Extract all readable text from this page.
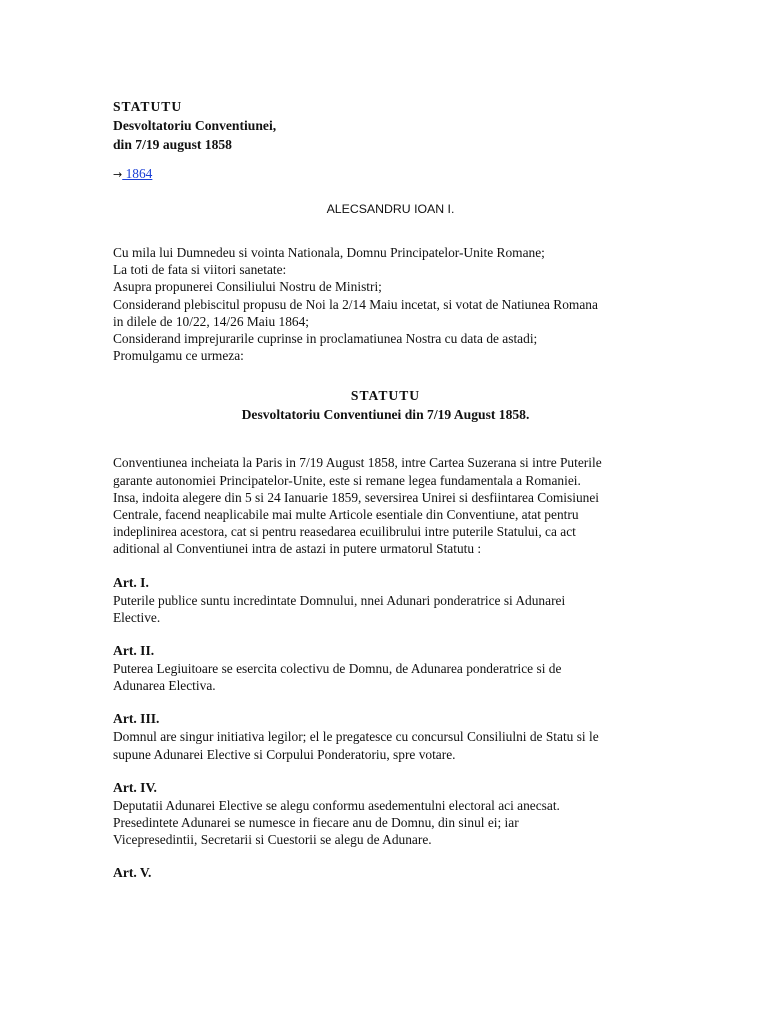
STATUTU
Desvoltatoriu Conventiunei,
din 7/19 august 1858
→ 1864
ALECSANDRU IOAN I.
Cu mila lui Dumnedeu si vointa Nationala, Domnu Principatelor-Unite Romane;
La toti de fata si viitori sanetate:
Asupra propunerei Consiliului Nostru de Ministri;
Considerand plebiscitul propusu de Noi la 2/14 Maiu incetat, si votat de Natiunea Romana
in dilele de 10/22, 14/26 Maiu 1864;
Considerand imprejurarile cuprinse in proclamatiunea Nostra cu data de astadi;
Promulgamu ce urmeza:
STATUTU
Desvoltatoriu Conventiunei din 7/19 August 1858.
Conventiunea incheiata la Paris in 7/19 August 1858, intre Cartea Suzerana si intre Puterile
garante autonomiei Principatelor-Unite, este si remane legea fundamentala a Romaniei.
Insa, indoita alegere din 5 si 24 Ianuarie 1859, seversirea Unirei si desfiintarea Comisiunei
Centrale, facend neaplicabile mai multe Articole esentiale din Conventiune, atat pentru
indeplinirea acestora, cat si pentru reasedarea ecuilibrului intre puterile Statului, ca act
aditional al Conventiunei intra de astazi in putere urmatorul Statutu :
Art. I.
Puterile publice suntu incredintate Domnului, nnei Adunari ponderatrice si Adunarei
Elective.
Art. II.
Puterea Legiuitoare se esercita colectivu de Domnu, de Adunarea ponderatrice si de
Adunarea Electiva.
Art. III.
Domnul are singur initiativa legilor; el le pregatesce cu concursul Consiliulni de Statu si le
supune Adunarei Elective si Corpului Ponderatoriu, spre votare.
Art. IV.
Deputatii Adunarei Elective se alegu conformu asedementulni electoral aci anecsat.
Presedintete Adunarei se numesce in fiecare anu de Domnu, din sinul ei; iar
Vicepresedintii, Secretarii si Cuestorii se alegu de Adunare.
Art. V.
